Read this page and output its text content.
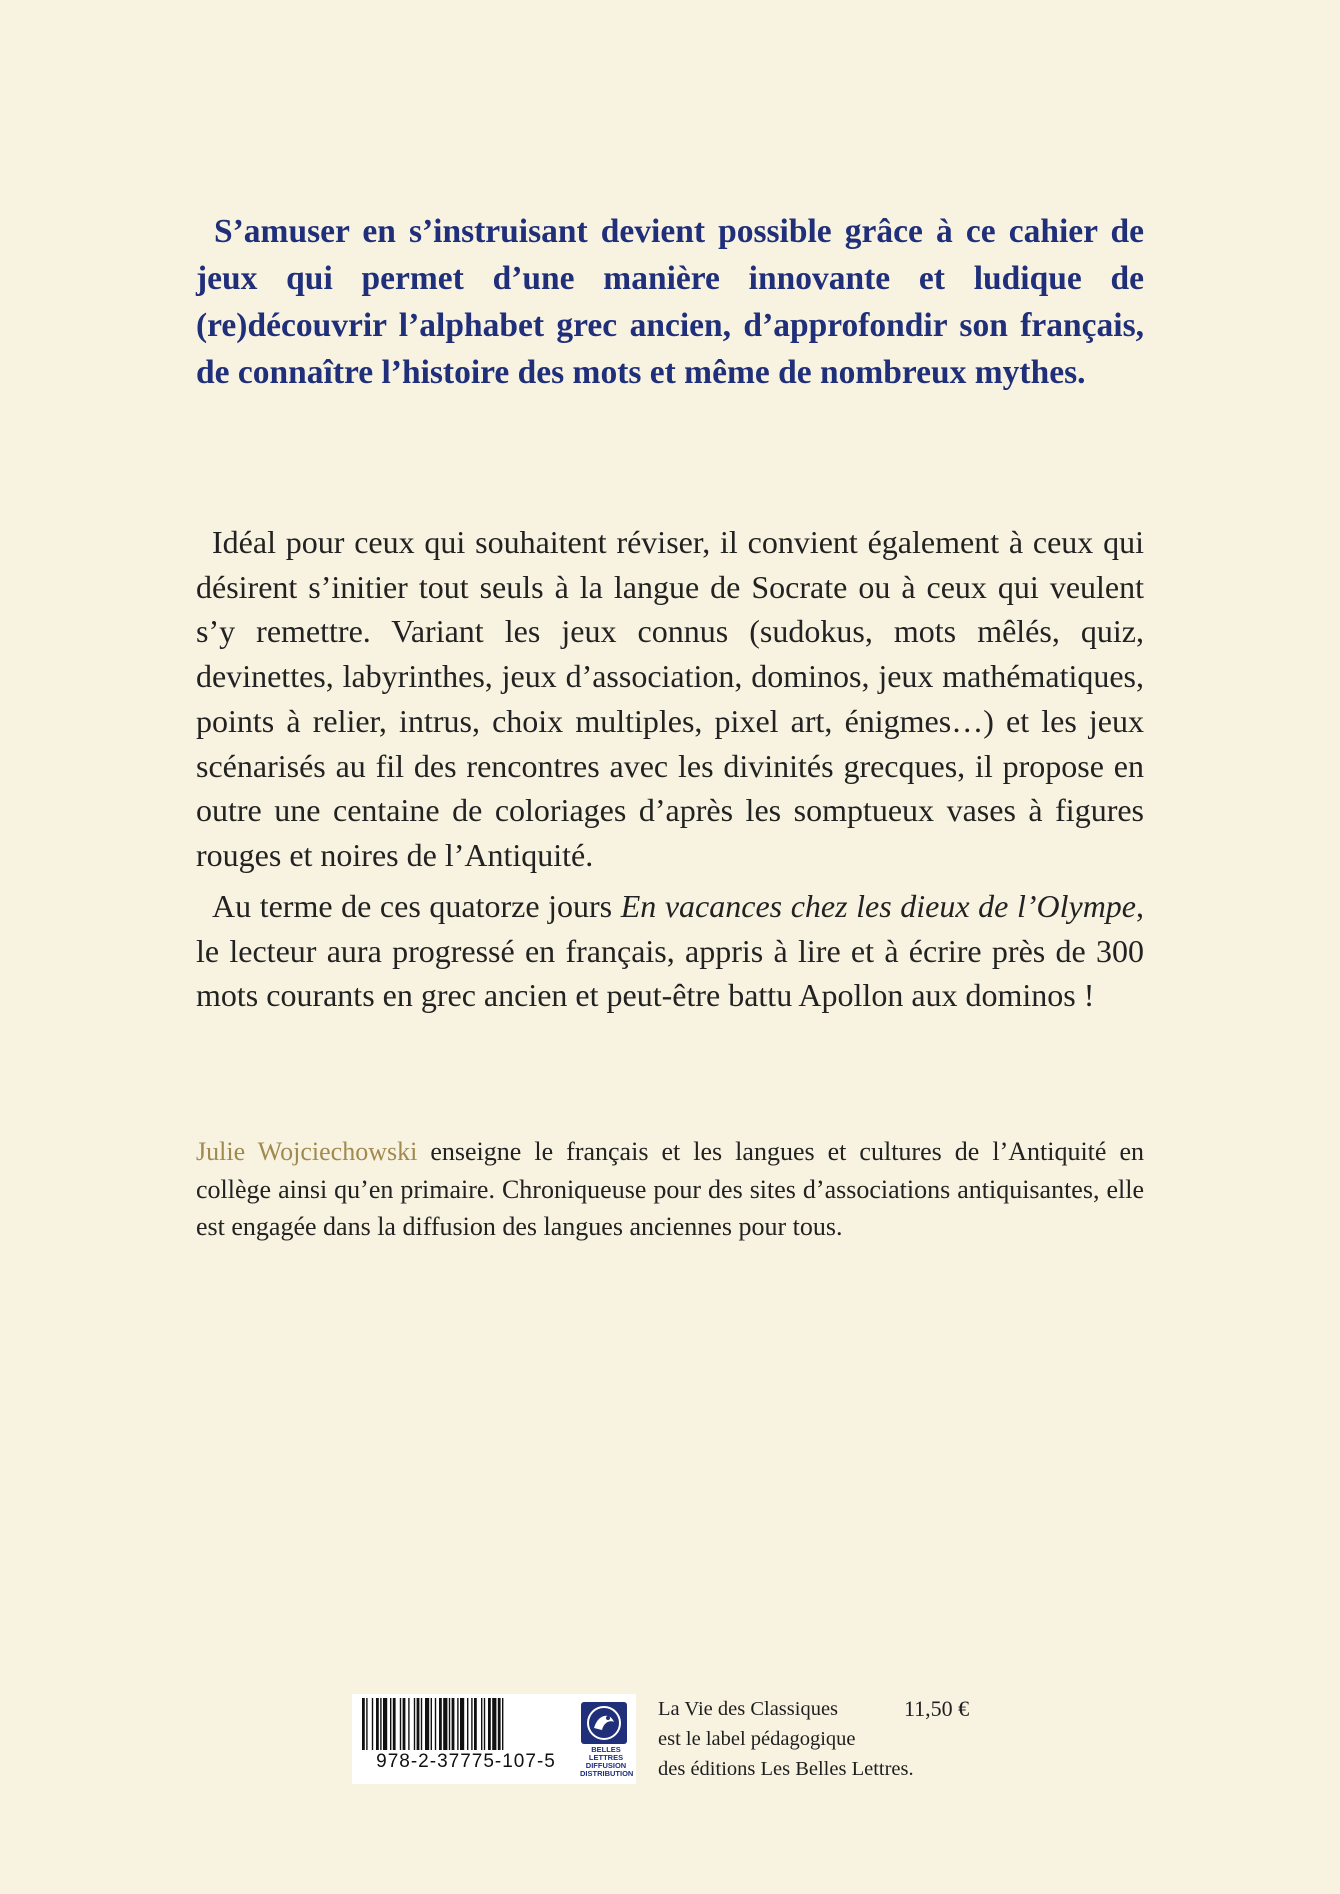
S’amuser en s’instruisant devient possible grâce à ce cahier de jeux qui permet d’une manière innovante et ludique de (re)découvrir l’alphabet grec ancien, d’approfondir son français, de connaître l’histoire des mots et même de nombreux mythes.

Idéal pour ceux qui souhaitent réviser, il convient également à ceux qui désirent s’initier tout seuls à la langue de Socrate ou à ceux qui veulent s’y remettre. Variant les jeux connus (sudokus, mots mêlés, quiz, devinettes, labyrinthes, jeux d’association, dominos, jeux mathématiques, points à relier, intrus, choix multiples, pixel art, énigmes…) et les jeux scénarisés au fil des rencontres avec les divinités grecques, il propose en outre une centaine de coloriages d’après les somptueux vases à figures rouges et noires de l’Antiquité.

Au terme de ces quatorze jours En vacances chez les dieux de l’Olympe, le lecteur aura progressé en français, appris à lire et à écrire près de 300 mots courants en grec ancien et peut-être battu Apollon aux dominos !

Julie Wojciechowski enseigne le français et les langues et cultures de l’Antiquité en collège ainsi qu’en primaire. Chroniqueuse pour des sites d’associations antiquisantes, elle est engagée dans la diffusion des langues anciennes pour tous.

978-2-37775-107-5
BELLES LETTRES DIFFUSION DISTRIBUTION
La Vie des Classiques
est le label pédagogique
des éditions Les Belles Lettres.
11,50 €
